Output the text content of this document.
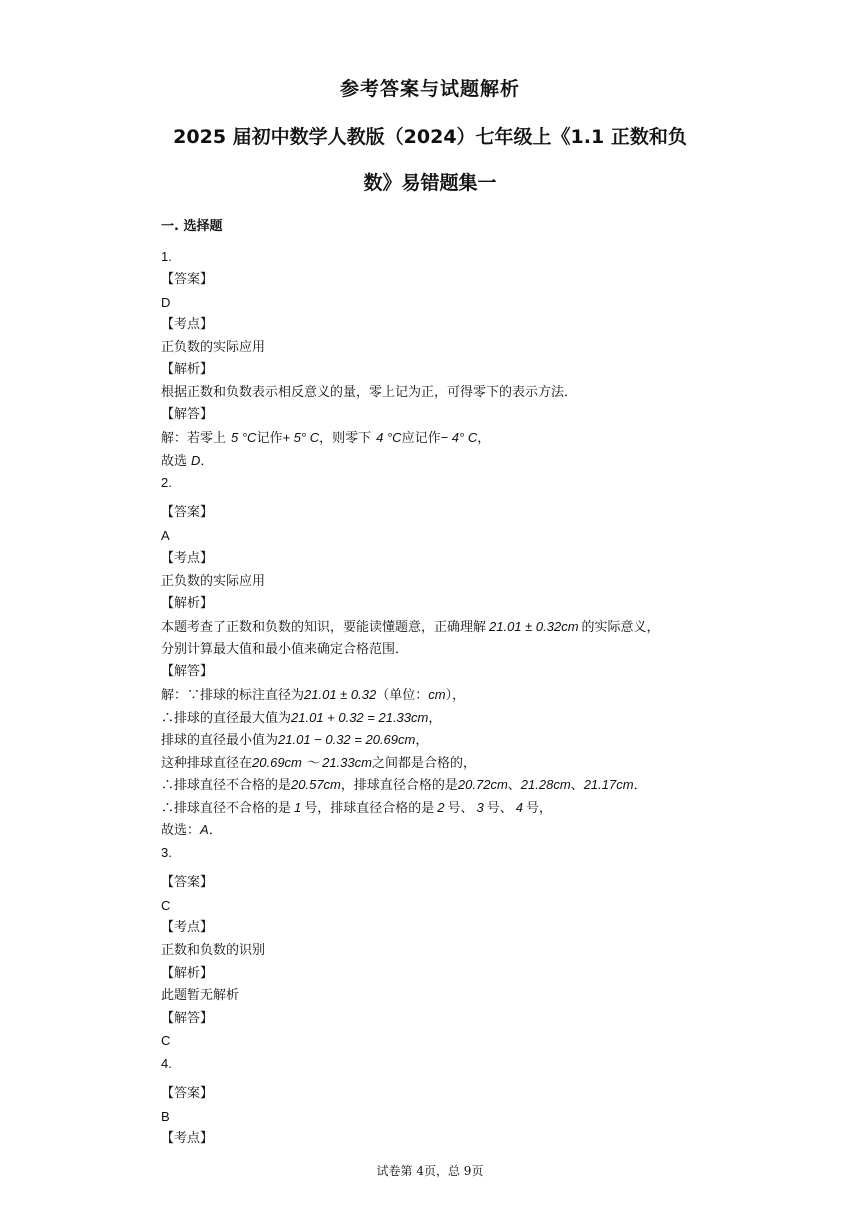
参考答案与试题解析
2025 届初中数学人教版（2024）七年级上《1.1 正数和负
数》易错题集一
一. 选择题
1.
【答案】
D
【考点】
正负数的实际应用
【解析】
根据正数和负数表示相反意义的量，零上记为正，可得零下的表示方法．
【解答】
解：若零上 5 °C记作+ 5° C，则零下 4 °C应记作− 4° C，
故选 D．
2.
【答案】
A
【考点】
正负数的实际应用
【解析】
本题考查了正数和负数的知识，要能读懂题意，正确理解 21.01 ± 0.32cm 的实际意义，
分别计算最大值和最小值来确定合格范围．
【解答】
解：∵排球的标注直径为21.01 ± 0.32（单位：cm），
∴排球的直径最大值为21.01 + 0.32 = 21.33cm，
排球的直径最小值为21.01 − 0.32 = 20.69cm，
这种排球直径在20.69cm ～ 21.33cm之间都是合格的，
∴排球直径不合格的是20.57cm，排球直径合格的是20.72cm、21.28cm、21.17cm．
∴排球直径不合格的是 1 号，排球直径合格的是 2 号、 3 号、 4 号，
故选：A．
3.
【答案】
C
【考点】
正数和负数的识别
【解析】
此题暂无解析
【解答】
C
4.
【答案】
B
【考点】
试卷第 4页，总 9页
